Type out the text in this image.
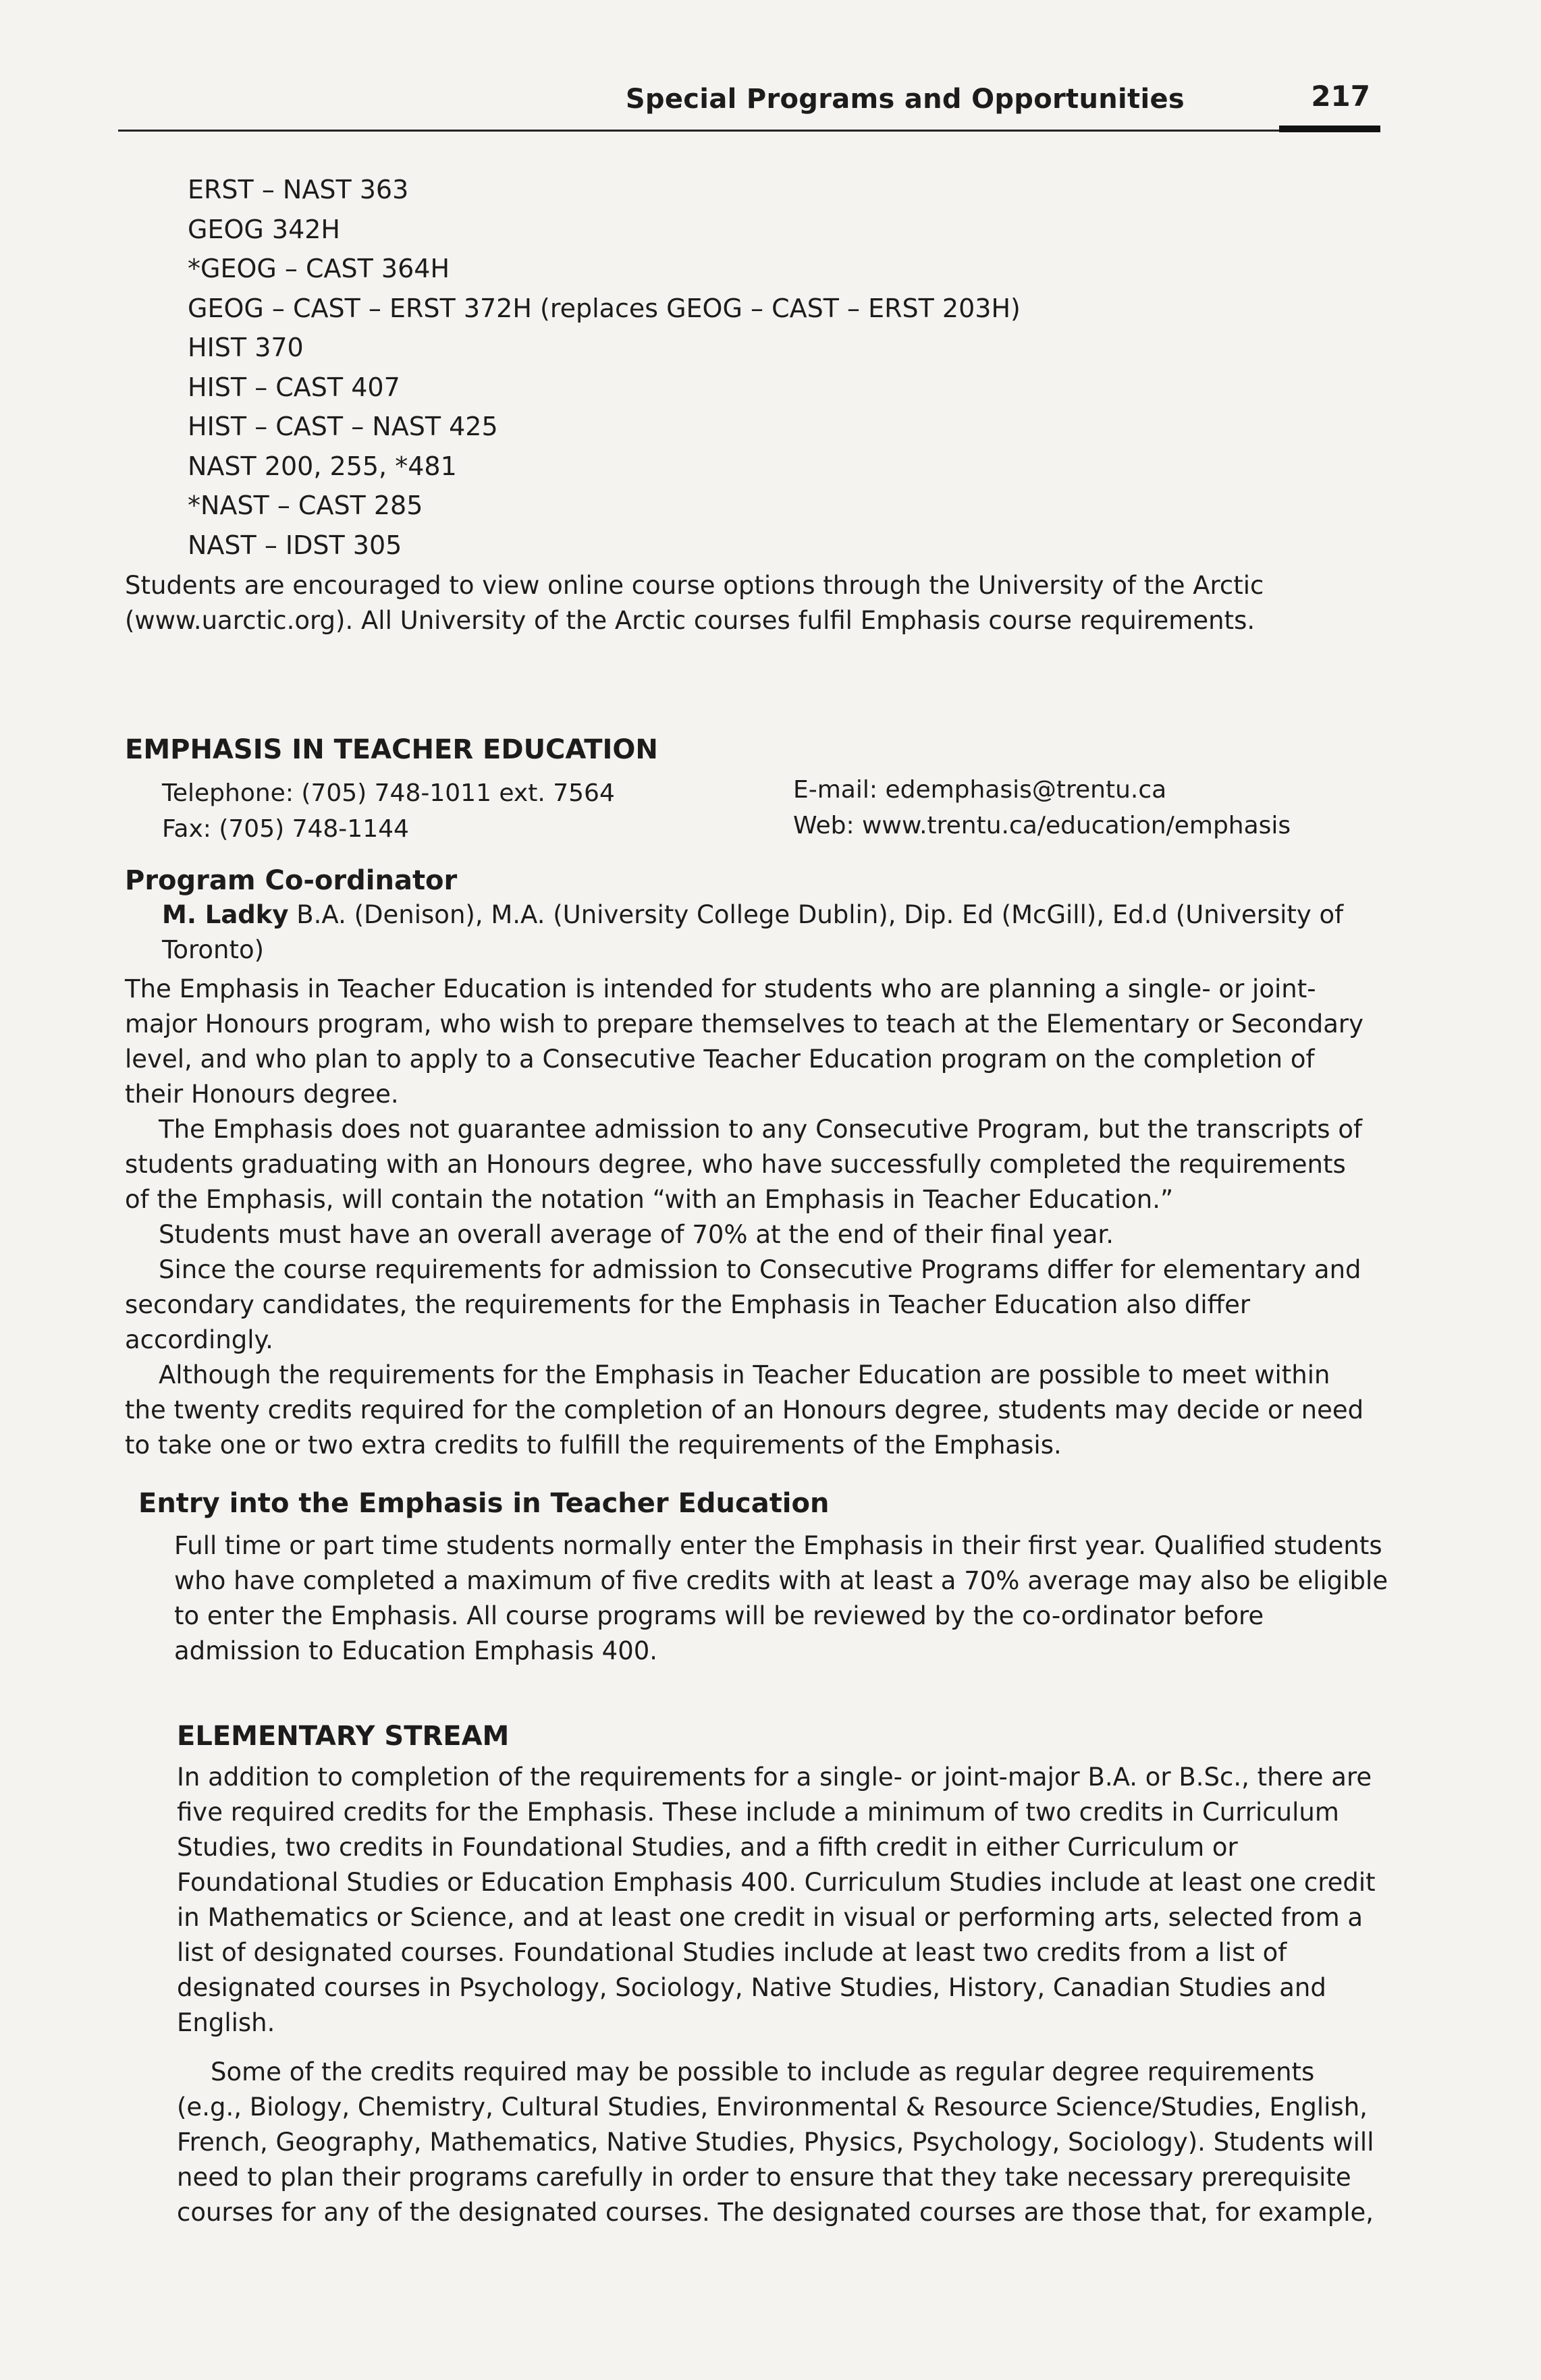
Special Programs and Opportunities	217
ERST – NAST 363
GEOG 342H
*GEOG – CAST 364H
GEOG – CAST – ERST 372H (replaces GEOG – CAST – ERST 203H)
HIST 370
HIST – CAST 407
HIST – CAST – NAST 425
NAST 200, 255, *481
*NAST – CAST 285
NAST – IDST 305
Students are encouraged to view online course options through the University of the Arctic
(www.uarctic.org). All University of the Arctic courses fulfil Emphasis course requirements.
EMPHASIS IN TEACHER EDUCATION
Telephone: (705) 748-1011 ext. 7564
Fax: (705) 748-1144
E-mail: edemphasis@trentu.ca
Web: www.trentu.ca/education/emphasis
Program Co-ordinator
M. Ladky B.A. (Denison), M.A. (University College Dublin), Dip. Ed (McGill), Ed.d (University of
Toronto)
The Emphasis in Teacher Education is intended for students who are planning a single- or joint-
major Honours program, who wish to prepare themselves to teach at the Elementary or Secondary
level, and who plan to apply to a Consecutive Teacher Education program on the completion of
their Honours degree.
The Emphasis does not guarantee admission to any Consecutive Program, but the transcripts of
students graduating with an Honours degree, who have successfully completed the requirements
of the Emphasis, will contain the notation “with an Emphasis in Teacher Education.”
Students must have an overall average of 70% at the end of their final year.
Since the course requirements for admission to Consecutive Programs differ for elementary and
secondary candidates, the requirements for the Emphasis in Teacher Education also differ
accordingly.
Although the requirements for the Emphasis in Teacher Education are possible to meet within
the twenty credits required for the completion of an Honours degree, students may decide or need
to take one or two extra credits to fulfill the requirements of the Emphasis.
Entry into the Emphasis in Teacher Education
Full time or part time students normally enter the Emphasis in their first year. Qualified students
who have completed a maximum of five credits with at least a 70% average may also be eligible
to enter the Emphasis. All course programs will be reviewed by the co-ordinator before
admission to Education Emphasis 400.
ELEMENTARY STREAM
In addition to completion of the requirements for a single- or joint-major B.A. or B.Sc., there are
five required credits for the Emphasis. These include a minimum of two credits in Curriculum
Studies, two credits in Foundational Studies, and a fifth credit in either Curriculum or
Foundational Studies or Education Emphasis 400. Curriculum Studies include at least one credit
in Mathematics or Science, and at least one credit in visual or performing arts, selected from a
list of designated courses. Foundational Studies include at least two credits from a list of
designated courses in Psychology, Sociology, Native Studies, History, Canadian Studies and
English.
Some of the credits required may be possible to include as regular degree requirements
(e.g., Biology, Chemistry, Cultural Studies, Environmental & Resource Science/Studies, English,
French, Geography, Mathematics, Native Studies, Physics, Psychology, Sociology). Students will
need to plan their programs carefully in order to ensure that they take necessary prerequisite
courses for any of the designated courses. The designated courses are those that, for example,
